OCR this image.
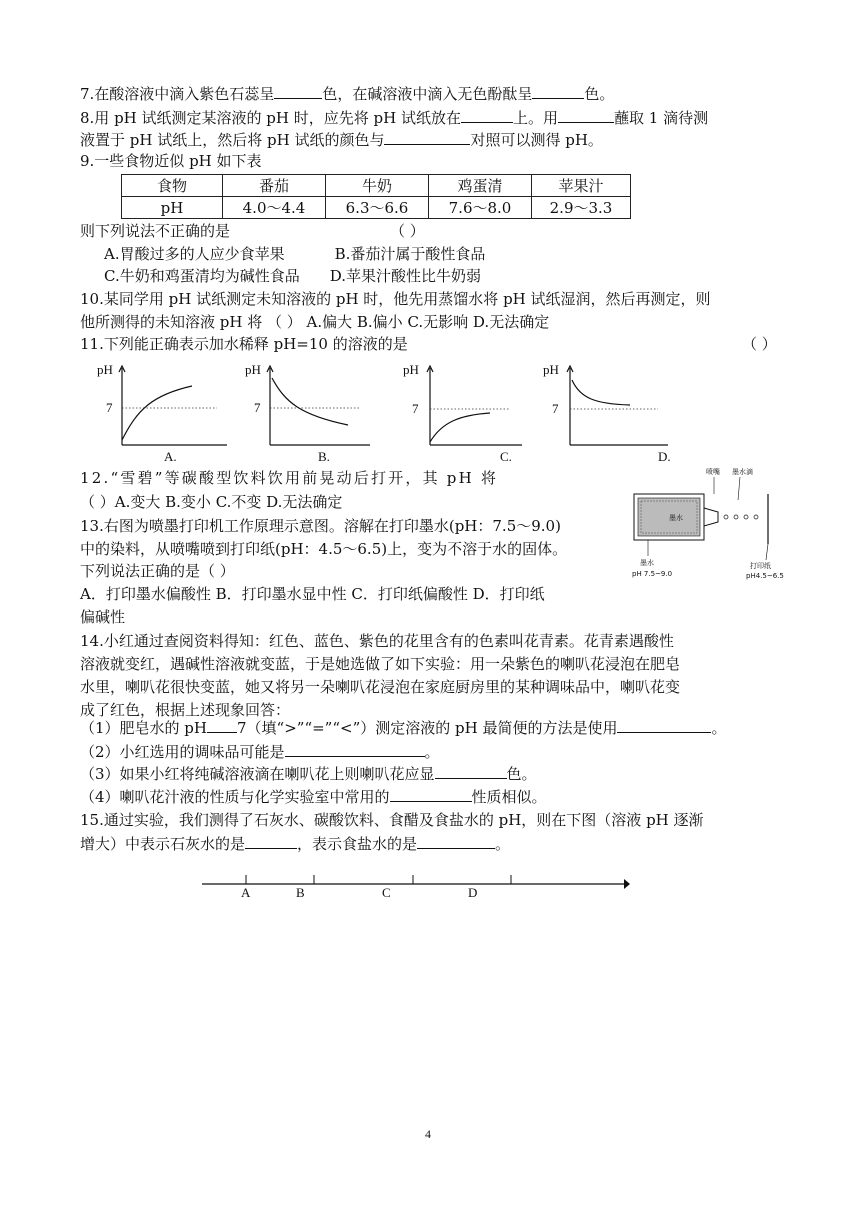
7.在酸溶液中滴入紫色石蕊呈	色，在碱溶液中滴入无色酚酞呈	色。
8.用 pH 试纸测定某溶液的 pH 时，应先将 pH 试纸放在	上。用	蘸取 1 滴待测
液置于 pH 试纸上，然后将 pH 试纸的颜色与	对照可以测得 pH。
9.一些食物近似 pH 如下表
食物	番茄	牛奶	鸡蛋清	苹果汁
pH	4.0～4.4	6.3～6.6	7.6～8.0	2.9～3.3
则下列说法不正确的是	（ ）
A.胃酸过多的人应少食苹果	B.番茄汁属于酸性食品
C.牛奶和鸡蛋清均为碱性食品 D.苹果汁酸性比牛奶弱
10.某同学用 pH 试纸测定未知溶液的 pH 时，他先用蒸馏水将 pH 试纸湿润，然后再测定，则
他所测得的未知溶液 pH 将 （ ） A.偏大 B.偏小 C.无影响 D.无法确定
11.下列能正确表示加水稀释 pH=10 的溶液的是	（ ）
pH
7
A.
pH
7
B.
pH
7
C.
pH
7
D.
12.“雪碧”等碳酸型饮料饮用前晃动后打开，其 pH 将
（ ）A.变大 B.变小 C.不变 D.无法确定
喷嘴 墨水滴
墨水
墨水
pH 7.5~9.0
打印纸
pH4.5~6.5
13.右图为喷墨打印机工作原理示意图。溶解在打印墨水(pH：7.5～9.0)
中的染料，从喷嘴喷到打印纸(pH：4.5～6.5)上，变为不溶于水的固体。
下列说法正确的是（ ）
A．打印墨水偏酸性 B．打印墨水显中性 C．打印纸偏酸性 D．打印纸
偏碱性
14.小红通过查阅资料得知：红色、蓝色、紫色的花里含有的色素叫花青素。花青素遇酸性
溶液就变红，遇碱性溶液就变蓝，于是她选做了如下实验：用一朵紫色的喇叭花浸泡在肥皂
水里，喇叭花很快变蓝，她又将另一朵喇叭花浸泡在家庭厨房里的某种调味品中，喇叭花变
成了红色，根据上述现象回答：
（1）肥皂水的 pH 7（填“>”“=”“<”）测定溶液的 pH 最简便的方法是使用	。
（2）小红选用的调味品可能是	。
（3）如果小红将纯碱溶液滴在喇叭花上则喇叭花应显	色。
（4）喇叭花汁液的性质与化学实验室中常用的	性质相似。
15.通过实验，我们测得了石灰水、碳酸饮料、食醋及食盐水的 pH，则在下图（溶液 pH 逐渐
增大）中表示石灰水的是	，表示食盐水的是	。
A	B	C	D
4
